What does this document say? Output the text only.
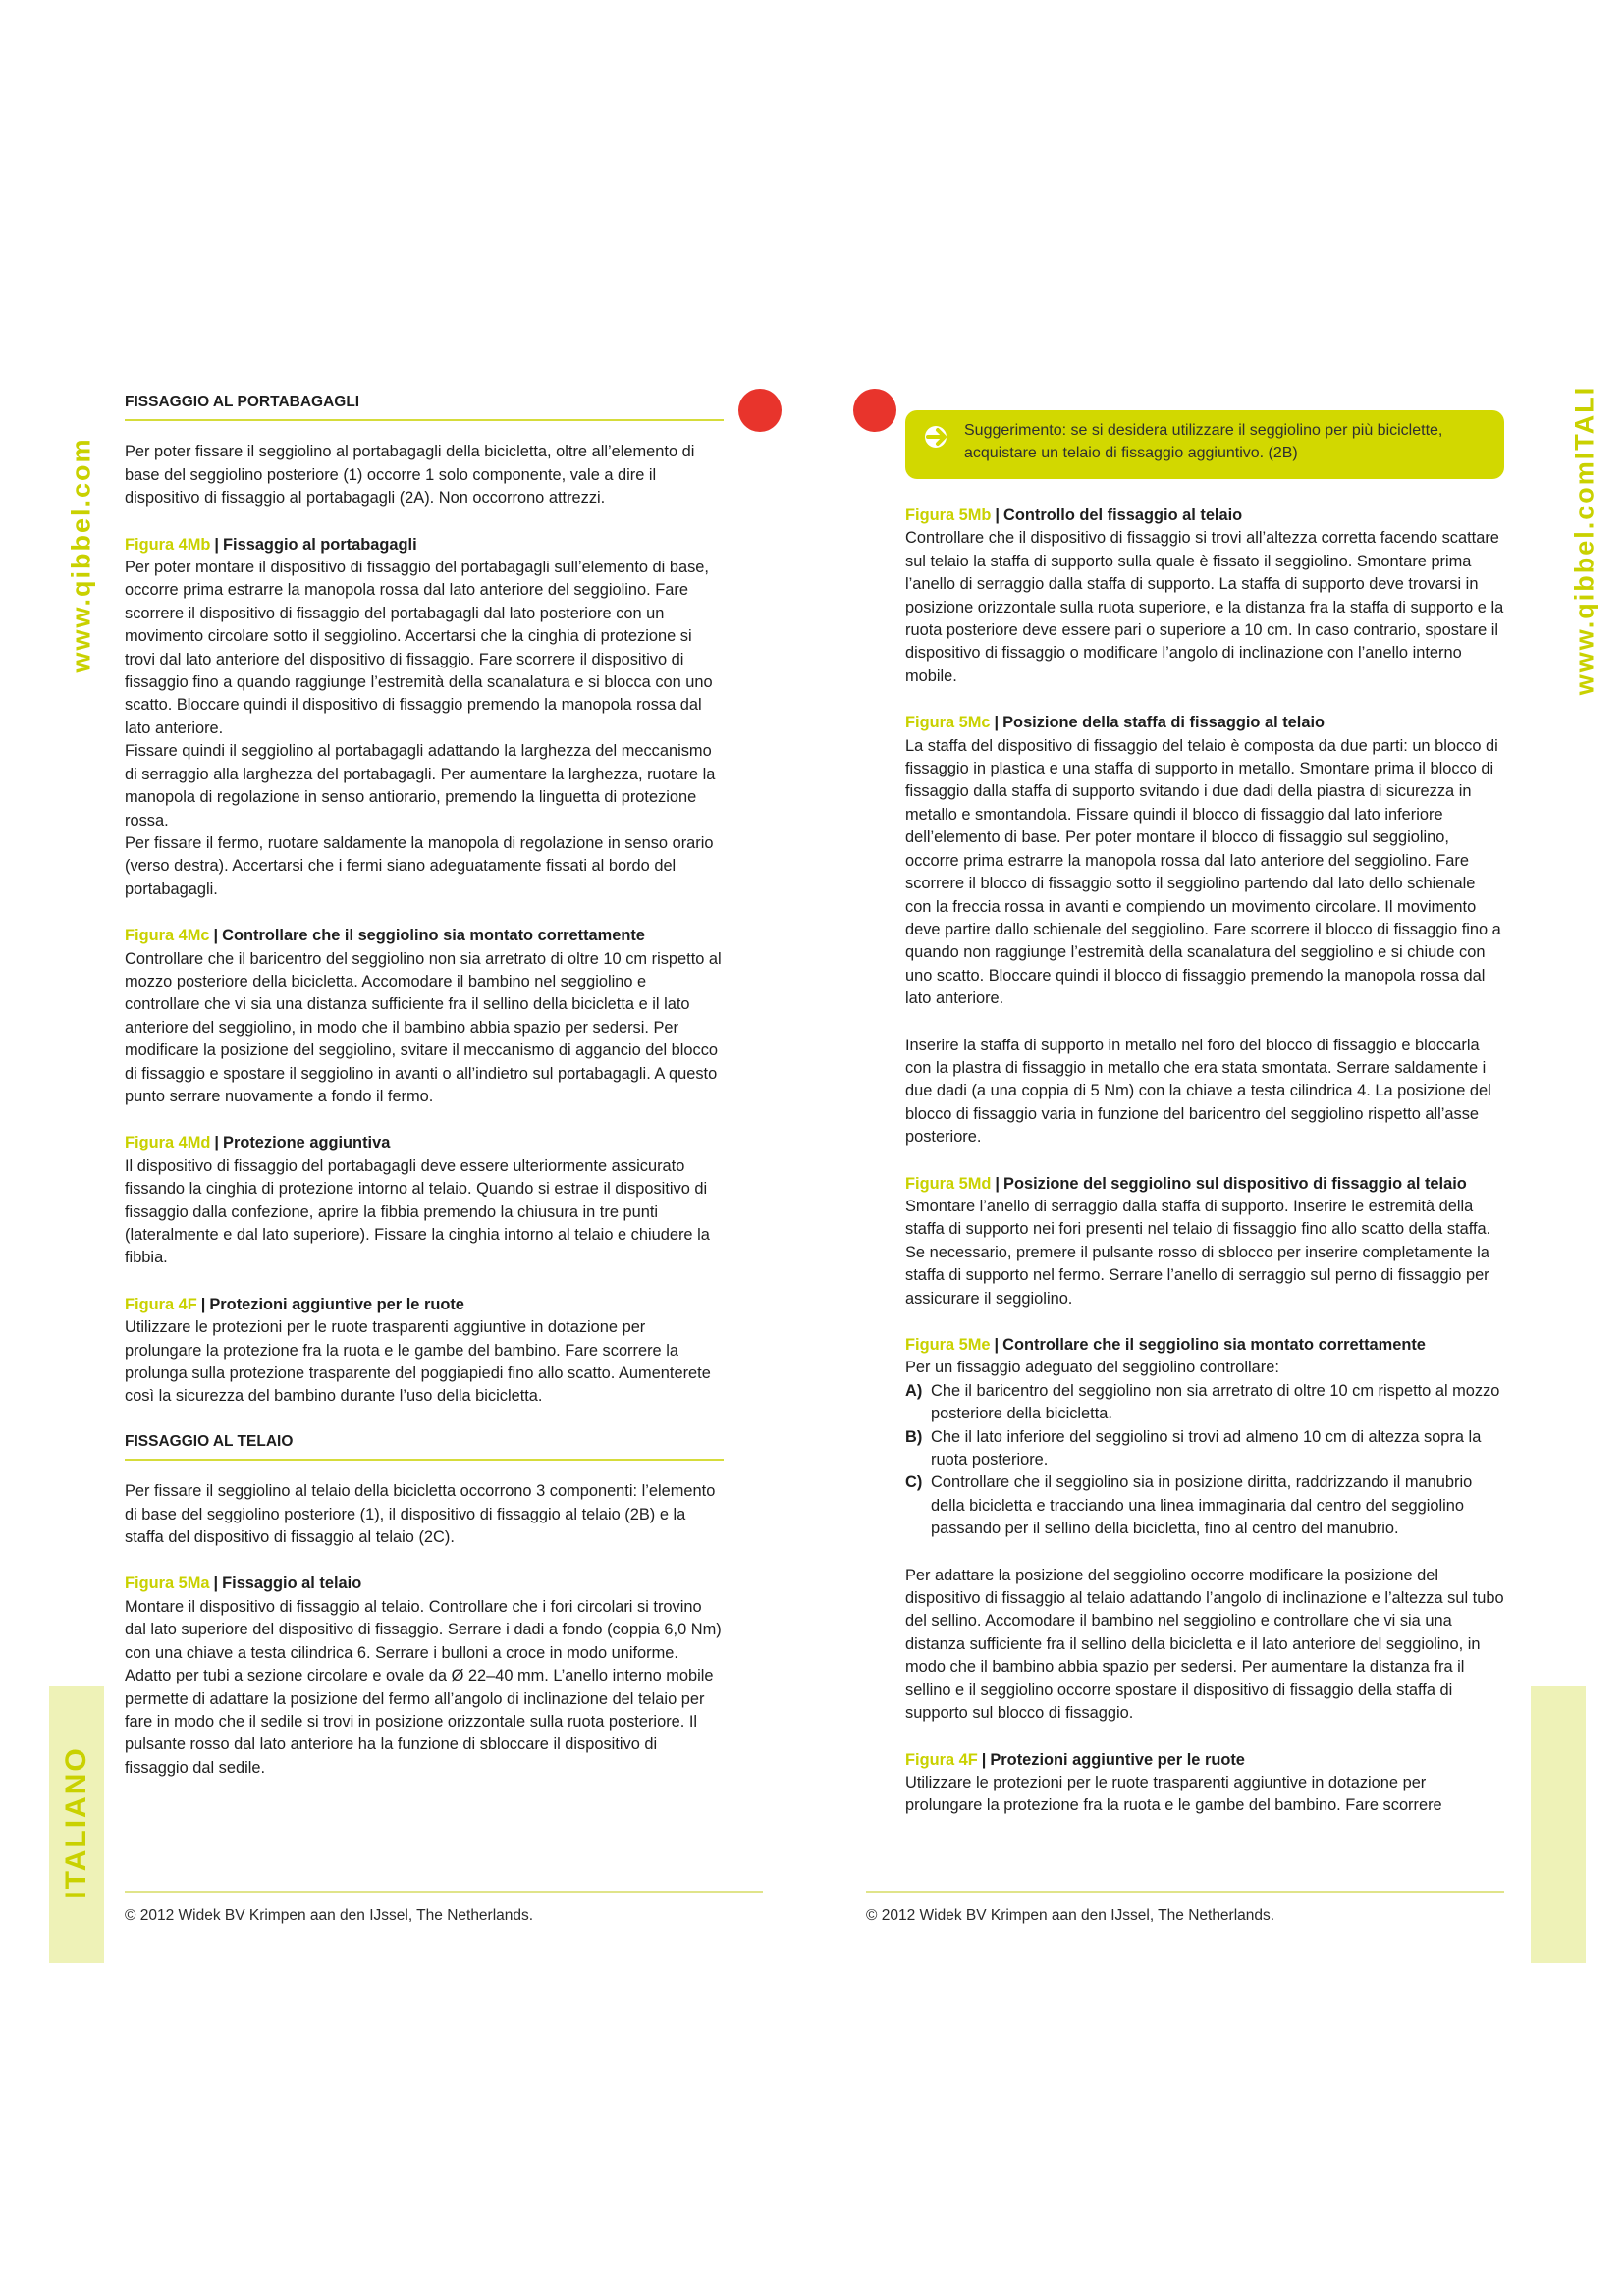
www.qibbel.com	www.qibbel.comITALI
ITALIANO
FISSAGGIO AL PORTABAGAGLI

Per poter fissare il seggiolino al portabagagli della bicicletta, oltre all’elemento di base del seggiolino posteriore (1) occorre 1 solo componente, vale a dire il dispositivo di fissaggio al portabagagli (2A). Non occorrono attrezzi.

Figura 4Mb | Fissaggio al portabagagli

Per poter montare il dispositivo di fissaggio del portabagagli sull’elemento di base, occorre prima estrarre la manopola rossa dal lato anteriore del seggiolino. Fare scorrere il dispositivo di fissaggio del portabagagli dal lato posteriore con un movimento circolare sotto il seggiolino. Accertarsi che la cinghia di protezione si trovi dal lato anteriore del dispositivo di fissaggio. Fare scorrere il dispositivo di fissaggio fino a quando raggiunge l’estremità della scanalatura e si blocca con uno scatto. Bloccare quindi il dispositivo di fissaggio premendo la manopola rossa dal lato anteriore.

Fissare quindi il seggiolino al portabagagli adattando la larghezza del meccanismo di serraggio alla larghezza del portabagagli. Per aumentare la larghezza, ruotare la manopola di regolazione in senso antiorario, premendo la linguetta di protezione rossa.

Per fissare il fermo, ruotare saldamente la manopola di regolazione in senso orario (verso destra). Accertarsi che i fermi siano adeguatamente fissati al bordo del portabagagli.

Figura 4Mc | Controllare che il seggiolino sia montato correttamente

Controllare che il baricentro del seggiolino non sia arretrato di oltre 10 cm rispetto al mozzo posteriore della bicicletta. Accomodare il bambino nel seggiolino e controllare che vi sia una distanza sufficiente fra il sellino della bicicletta e il lato anteriore del seggiolino, in modo che il bambino abbia spazio per sedersi. Per modificare la posizione del seggiolino, svitare il meccanismo di aggancio del blocco di fissaggio e spostare il seggiolino in avanti o all’indietro sul portabagagli. A questo punto serrare nuovamente a fondo il fermo.

Figura 4Md | Protezione aggiuntiva

Il dispositivo di fissaggio del portabagagli deve essere ulteriormente assicurato fissando la cinghia di protezione intorno al telaio. Quando si estrae il dispositivo di fissaggio dalla confezione, aprire la fibbia premendo la chiusura in tre punti (lateralmente e dal lato superiore). Fissare la cinghia intorno al telaio e chiudere la fibbia.

Figura 4F | Protezioni aggiuntive per le ruote

Utilizzare le protezioni per le ruote trasparenti aggiuntive in dotazione per prolungare la protezione fra la ruota e le gambe del bambino. Fare scorrere la prolunga sulla protezione trasparente del poggiapiedi fino allo scatto. Aumenterete così la sicurezza del bambino durante l’uso della bicicletta.

FISSAGGIO AL TELAIO

Per fissare il seggiolino al telaio della bicicletta occorrono 3 componenti: l’elemento di base del seggiolino posteriore (1), il dispositivo di fissaggio al telaio (2B) e la staffa del dispositivo di fissaggio al telaio (2C).

Figura 5Ma | Fissaggio al telaio

Montare il dispositivo di fissaggio al telaio. Controllare che i fori circolari si trovino dal lato superiore del dispositivo di fissaggio. Serrare i dadi a fondo (coppia 6,0 Nm) con una chiave a testa cilindrica 6. Serrare i bulloni a croce in modo uniforme.

Adatto per tubi a sezione circolare e ovale da Ø 22–40 mm. L’anello interno mobile permette di adattare la posizione del fermo all’angolo di inclinazione del telaio per fare in modo che il sedile si trovi in posizione orizzontale sulla ruota posteriore. Il pulsante rosso dal lato anteriore ha la funzione di sbloccare il dispositivo di fissaggio dal sedile.

Suggerimento: se si desidera utilizzare il seggiolino per più biciclette, acquistare un telaio di fissaggio aggiuntivo. (2B)
Figura 5Mb | Controllo del fissaggio al telaio

Controllare che il dispositivo di fissaggio si trovi all’altezza corretta facendo scattare sul telaio la staffa di supporto sulla quale è fissato il seggiolino. Smontare prima l’anello di serraggio dalla staffa di supporto. La staffa di supporto deve trovarsi in posizione orizzontale sulla ruota superiore, e la distanza fra la staffa di supporto e la ruota posteriore deve essere pari o superiore a 10 cm. In caso contrario, spostare il dispositivo di fissaggio o modificare l’angolo di inclinazione con l’anello interno mobile.

Figura 5Mc | Posizione della staffa di fissaggio al telaio

La staffa del dispositivo di fissaggio del telaio è composta da due parti: un blocco di fissaggio in plastica e una staffa di supporto in metallo. Smontare prima il blocco di fissaggio dalla staffa di supporto svitando i due dadi della piastra di sicurezza in metallo e smontandola. Fissare quindi il blocco di fissaggio dal lato inferiore dell’elemento di base. Per poter montare il blocco di fissaggio sul seggiolino, occorre prima estrarre la manopola rossa dal lato anteriore del seggiolino. Fare scorrere il blocco di fissaggio sotto il seggiolino partendo dal lato dello schienale con la freccia rossa in avanti e compiendo un movimento circolare. Il movimento deve partire dallo schienale del seggiolino. Fare scorrere il blocco di fissaggio fino a quando non raggiunge l’estremità della scanalatura del seggiolino e si chiude con uno scatto. Bloccare quindi il blocco di fissaggio premendo la manopola rossa dal lato anteriore.

Inserire la staffa di supporto in metallo nel foro del blocco di fissaggio e bloccarla con la plastra di fissaggio in metallo che era stata smontata. Serrare saldamente i due dadi (a una coppia di 5 Nm) con la chiave a testa cilindrica 4. La posizione del blocco di fissaggio varia in funzione del baricentro del seggiolino rispetto all’asse posteriore.

Figura 5Md | Posizione del seggiolino sul dispositivo di fissaggio al telaio

Smontare l’anello di serraggio dalla staffa di supporto. Inserire le estremità della staffa di supporto nei fori presenti nel telaio di fissaggio fino allo scatto della staffa. Se necessario, premere il pulsante rosso di sblocco per inserire completamente la staffa di supporto nel fermo. Serrare l’anello di serraggio sul perno di fissaggio per assicurare il seggiolino.

Figura 5Me | Controllare che il seggiolino sia montato correttamente

Per un fissaggio adeguato del seggiolino controllare:

A) Che il baricentro del seggiolino non sia arretrato di oltre 10 cm rispetto al mozzo posteriore della bicicletta.
B) Che il lato inferiore del seggiolino si trovi ad almeno 10 cm di altezza sopra la ruota posteriore.
C) Controllare che il seggiolino sia in posizione diritta, raddrizzando il manubrio della bicicletta e tracciando una linea immaginaria dal centro del seggiolino passando per il sellino della bicicletta, fino al centro del manubrio.

Per adattare la posizione del seggiolino occorre modificare la posizione del dispositivo di fissaggio al telaio adattando l’angolo di inclinazione e l’altezza sul tubo del sellino. Accomodare il bambino nel seggiolino e controllare che vi sia una distanza sufficiente fra il sellino della bicicletta e il lato anteriore del seggiolino, in modo che il bambino abbia spazio per sedersi. Per aumentare la distanza fra il sellino e il seggiolino occorre spostare il dispositivo di fissaggio della staffa di supporto sul blocco di fissaggio.

Figura 4F | Protezioni aggiuntive per le ruote

Utilizzare le protezioni per le ruote trasparenti aggiuntive in dotazione per prolungare la protezione fra la ruota e le gambe del bambino. Fare scorrere

© 2012 Widek BV Krimpen aan den IJssel, The Netherlands.	© 2012 Widek BV Krimpen aan den IJssel, The Netherlands.
